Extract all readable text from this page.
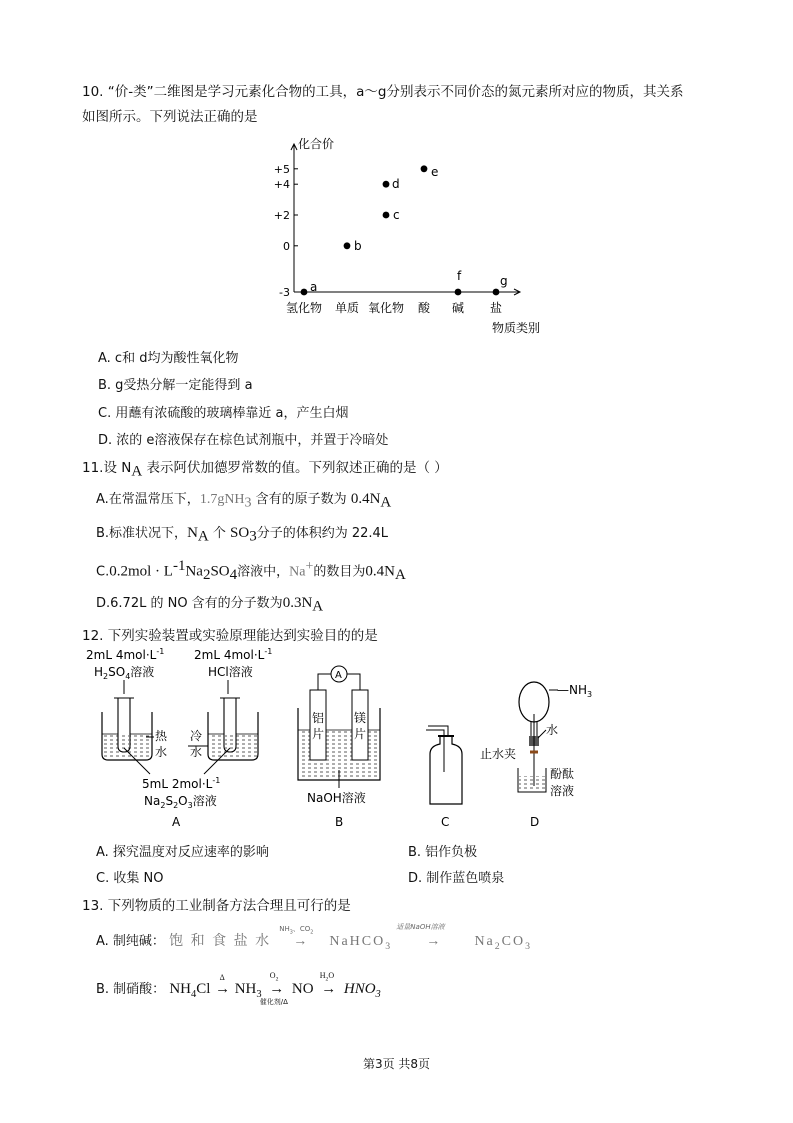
10. “价-类”二维图是学习元素化合物的工具，a～g分别表示不同价态的氮元素所对应的物质，其关系
如图所示。下列说法正确的是
化合价
+5
+4
+2
0
-3
氢化物 单质 氧化物 酸 碱 盐
物质类别
a
b
c
d
e
f	g
A. c和 d均为酸性氧化物
B. g受热分解一定能得到 a
C. 用蘸有浓硫酸的玻璃棒靠近 a，产生白烟
D. 浓的 e溶液保存在棕色试剂瓶中，并置于冷暗处
11.设 $N_A$ 表示阿伏加德罗常数的值。下列叙述正确的是（ ）
A.在常温常压下，1.7gNH$_3$ 含有的原子数为 $0.4N_A$
B.标准状况下，$N_A$ 个 $SO_3$分子的体积约为 22.4L
$C.0.2mol \cdot L^{-1}Na_2SO_4$溶液中，Na+的数目为$0.4N_A$
D.6.72L 的 NO 含有的分子数为$0.3N_A$
12. 下列实验装置或实验原理能达到实验目的的是
2mL $4mol\cdot L^{-1}$
$H_2SO_4$溶液
2mL $4mol\cdot L^{-1}$
HCl溶液
热
水
冷
水
5mL $2mol\cdot L^{-1}$
$Na_2S_2O_3$溶液
A
A
铝
片
镁
片
NaOH溶液
B	C
$—NH_3$
水
止水夹
酚酞
溶液
D
A. 探究温度对反应速率的影响	B. 铝作负极
C. 收集 NO	D. 制作蓝色喷泉
13. 下列物质的工业制备方法合理且可行的是
A. 制纯碱： 饱 和 食 盐 水
$NH_3$、$CO_2$
→ NaHCO$_3$
适量NaOH溶液
→ $Na_2CO_3$
B. 制硝酸： $NH_4Cl$
Δ
→ $NH_3$
$O_2$
→
催化剂/Δ
NO
$H_2O$
→ $HNO_3$
第3页 共8页
